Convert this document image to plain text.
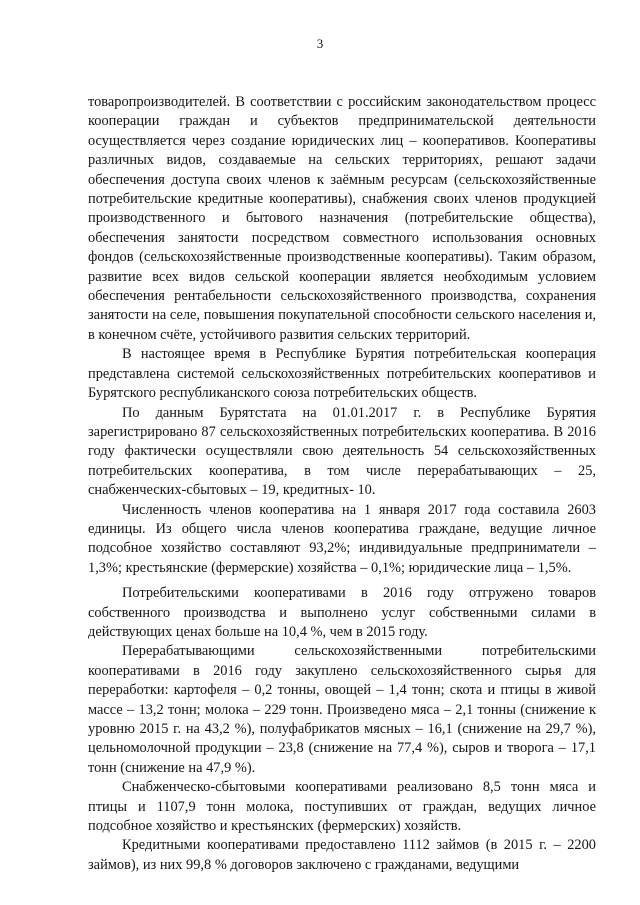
3

товаропроизводителей. В соответствии с российским законодательством процесс кооперации граждан и субъектов предпринимательской деятельности осуществляется через создание юридических лиц – кооперативов. Кооперативы различных видов, создаваемые на сельских территориях, решают задачи обеспечения доступа своих членов к заёмным ресурсам (сельскохозяйственные потребительские кредитные кооперативы), снабжения своих членов продукцией производственного и бытового назначения (потребительские общества), обеспечения занятости посредством совместного использования основных фондов (сельскохозяйственные производственные кооперативы). Таким образом, развитие всех видов сельской кооперации является необходимым условием обеспечения рентабельности сельскохозяйственного производства, сохранения занятости на селе, повышения покупательной способности сельского населения и, в конечном счёте, устойчивого развития сельских территорий.

В настоящее время в Республике Бурятия потребительская кооперация представлена системой сельскохозяйственных потребительских кооперативов и Бурятского республиканского союза потребительских обществ.

По данным Бурятстата на 01.01.2017 г. в Республике Бурятия зарегистрировано 87 сельскохозяйственных потребительских кооператива. В 2016 году фактически осуществляли свою деятельность 54 сельскохозяйственных потребительских кооператива, в том числе перерабатывающих – 25, снабженческих-сбытовых – 19, кредитных- 10.

Численность членов кооператива на 1 января 2017 года составила 2603 единицы. Из общего числа членов кооператива граждане, ведущие личное подсобное хозяйство составляют 93,2%; индивидуальные предприниматели – 1,3%; крестьянские (фермерские) хозяйства – 0,1%; юридические лица – 1,5%.

Потребительскими кооперативами в 2016 году отгружено товаров собственного производства и выполнено услуг собственными силами в действующих ценах больше на 10,4 %, чем в 2015 году.

Перерабатывающими сельскохозяйственными потребительскими кооперативами в 2016 году закуплено сельскохозяйственного сырья для переработки: картофеля – 0,2 тонны, овощей – 1,4 тонн; скота и птицы в живой массе – 13,2 тонн; молока – 229 тонн. Произведено мяса – 2,1 тонны (снижение к уровню 2015 г. на 43,2 %), полуфабрикатов мясных – 16,1 (снижение на 29,7 %), цельномолочной продукции – 23,8 (снижение на 77,4 %), сыров и творога – 17,1 тонн (снижение на 47,9 %).

Снабженческо-сбытовыми кооперативами реализовано 8,5 тонн мяса и птицы и 1107,9 тонн молока, поступивших от граждан, ведущих личное подсобное хозяйство и крестьянских (фермерских) хозяйств.

Кредитными кооперативами предоставлено 1112 займов (в 2015 г. – 2200 займов), из них 99,8 % договоров заключено с гражданами, ведущими
